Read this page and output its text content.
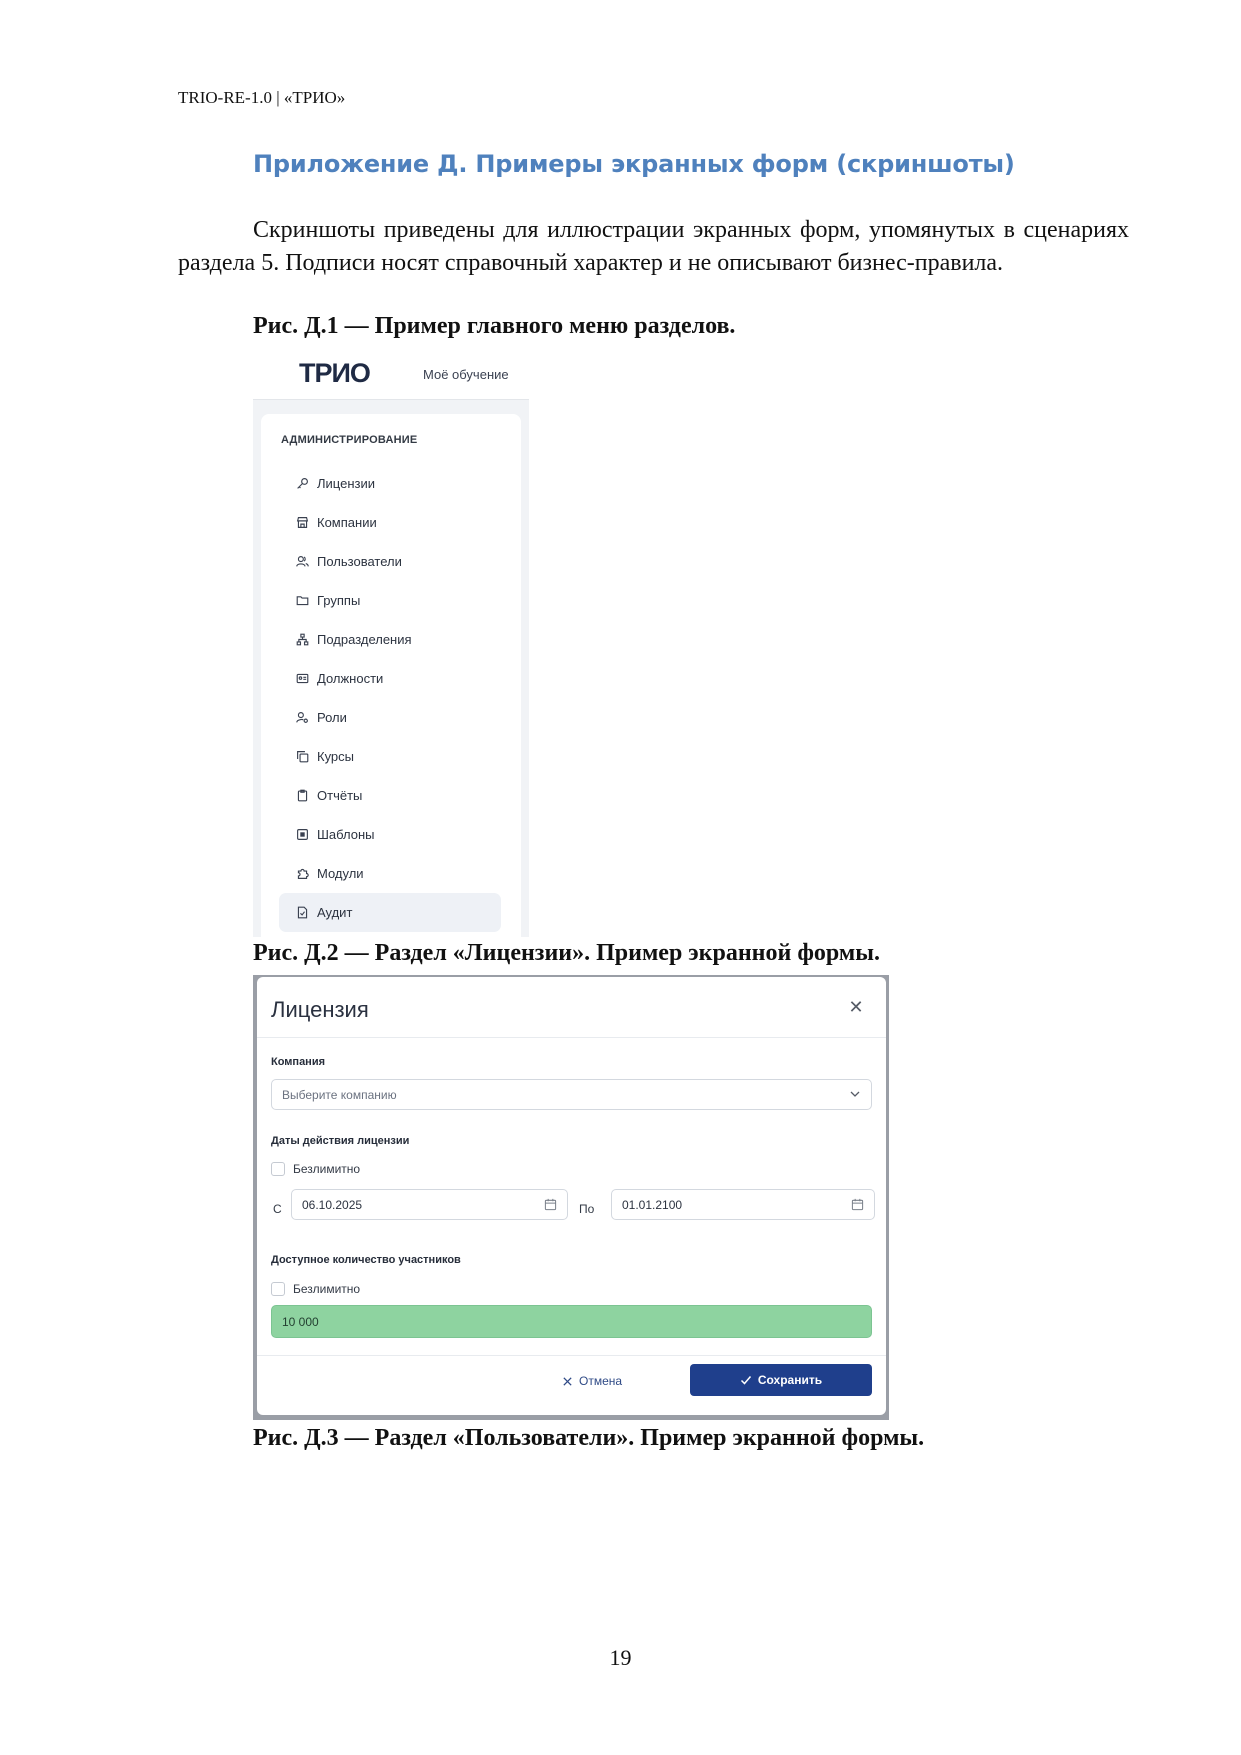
TRIO-RE-1.0 | «ТРИО»
Приложение Д. Примеры экранных форм (скриншоты)

Скриншоты приведены для иллюстрации экранных форм, упомянутых в сценариях раздела 5. Подписи носят справочный характер и не описывают бизнес-правила.

Рис. Д.1 — Пример главного меню разделов.
ТРИО	Моё обучение
АДМИНИСТРИРОВАНИЕ
Лицензии
Компании
Пользователи
Группы
Подразделения
Должности
Роли
Курсы
Отчёты
Шаблоны
Модули
Аудит
Рис. Д.2 — Раздел «Лицензии». Пример экранной формы.
Лицензия	✕
Компания
Выберите компанию
Даты действия лицензии
Безлимитно
С 06.10.2025	По 01.01.2100
Доступное количество участников
Безлимитно
10 000
Отмена	Сохранить
Рис. Д.3 — Раздел «Пользователи». Пример экранной формы.
19
